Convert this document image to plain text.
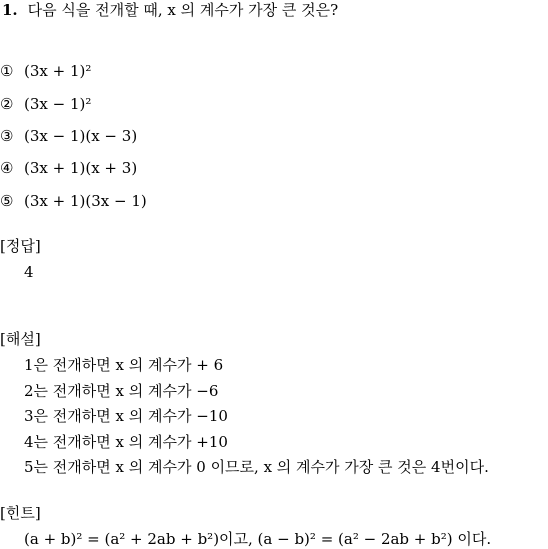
1. 다음 식을 전개할 때, x 의 계수가 가장 큰 것은?
① (3x + 1)²
② (3x − 1)²
③ (3x − 1)(x − 3)
④ (3x + 1)(x + 3)
⑤ (3x + 1)(3x − 1)
[정답]
4
[해설]
1은 전개하면 x 의 계수가 + 6
2는 전개하면 x 의 계수가 −6
3은 전개하면 x 의 계수가 −10
4는 전개하면 x 의 계수가 +10
5는 전개하면 x 의 계수가 0 이므로, x 의 계수가 가장 큰 것은 4번이다.
[힌트]
(a + b)² = (a² + 2ab + b²)이고, (a − b)² = (a² − 2ab + b²) 이다.
